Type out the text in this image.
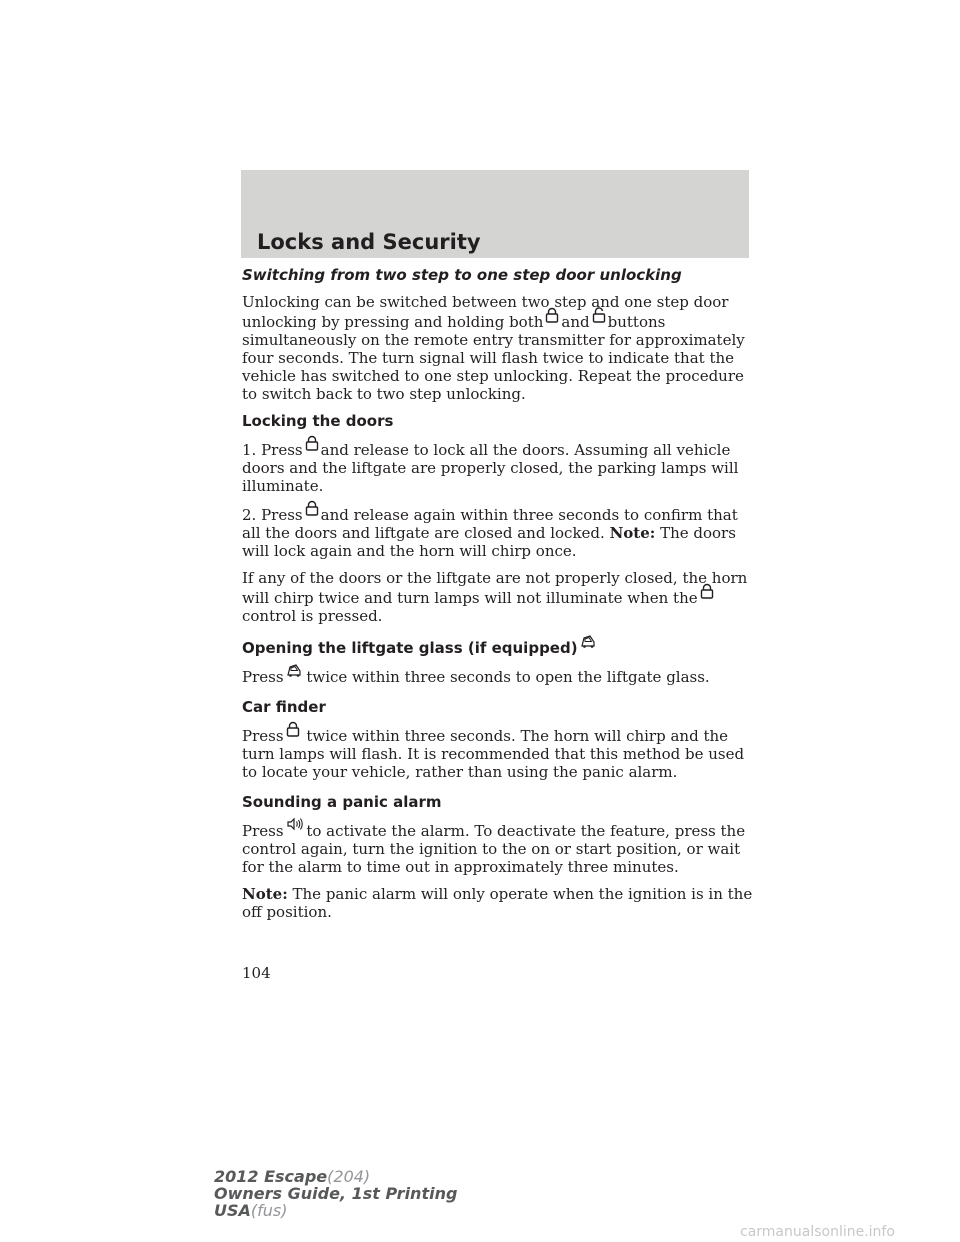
Locks and Security
Switching from two step to one step door unlocking

Unlocking can be switched between two step and one step door unlocking by pressing and holding both and buttons simultaneously on the remote entry transmitter for approximately four seconds. The turn signal will flash twice to indicate that the vehicle has switched to one step unlocking. Repeat the procedure to switch back to two step unlocking.

Locking the doors

1. Press and release to lock all the doors. Assuming all vehicle doors and the liftgate are properly closed, the parking lamps will illuminate.

2. Press and release again within three seconds to confirm that all the doors and liftgate are closed and locked. Note: The doors will lock again and the horn will chirp once.

If any of the doors or the liftgate are not properly closed, the horn will chirp twice and turn lamps will not illuminate when the
control is pressed.

Opening the liftgate glass (if equipped)

Press twice within three seconds to open the liftgate glass.

Car finder

Press twice within three seconds. The horn will chirp and the turn lamps will flash. It is recommended that this method be used to locate your vehicle, rather than using the panic alarm.

Sounding a panic alarm

Press to activate the alarm. To deactivate the feature, press the control again, turn the ignition to the on or start position, or wait for the alarm to time out in approximately three minutes.

Note: The panic alarm will only operate when the ignition is in the off position.

104
2012 Escape(204)
Owners Guide, 1st Printing
USA(fus)
carmanualsonline.info
